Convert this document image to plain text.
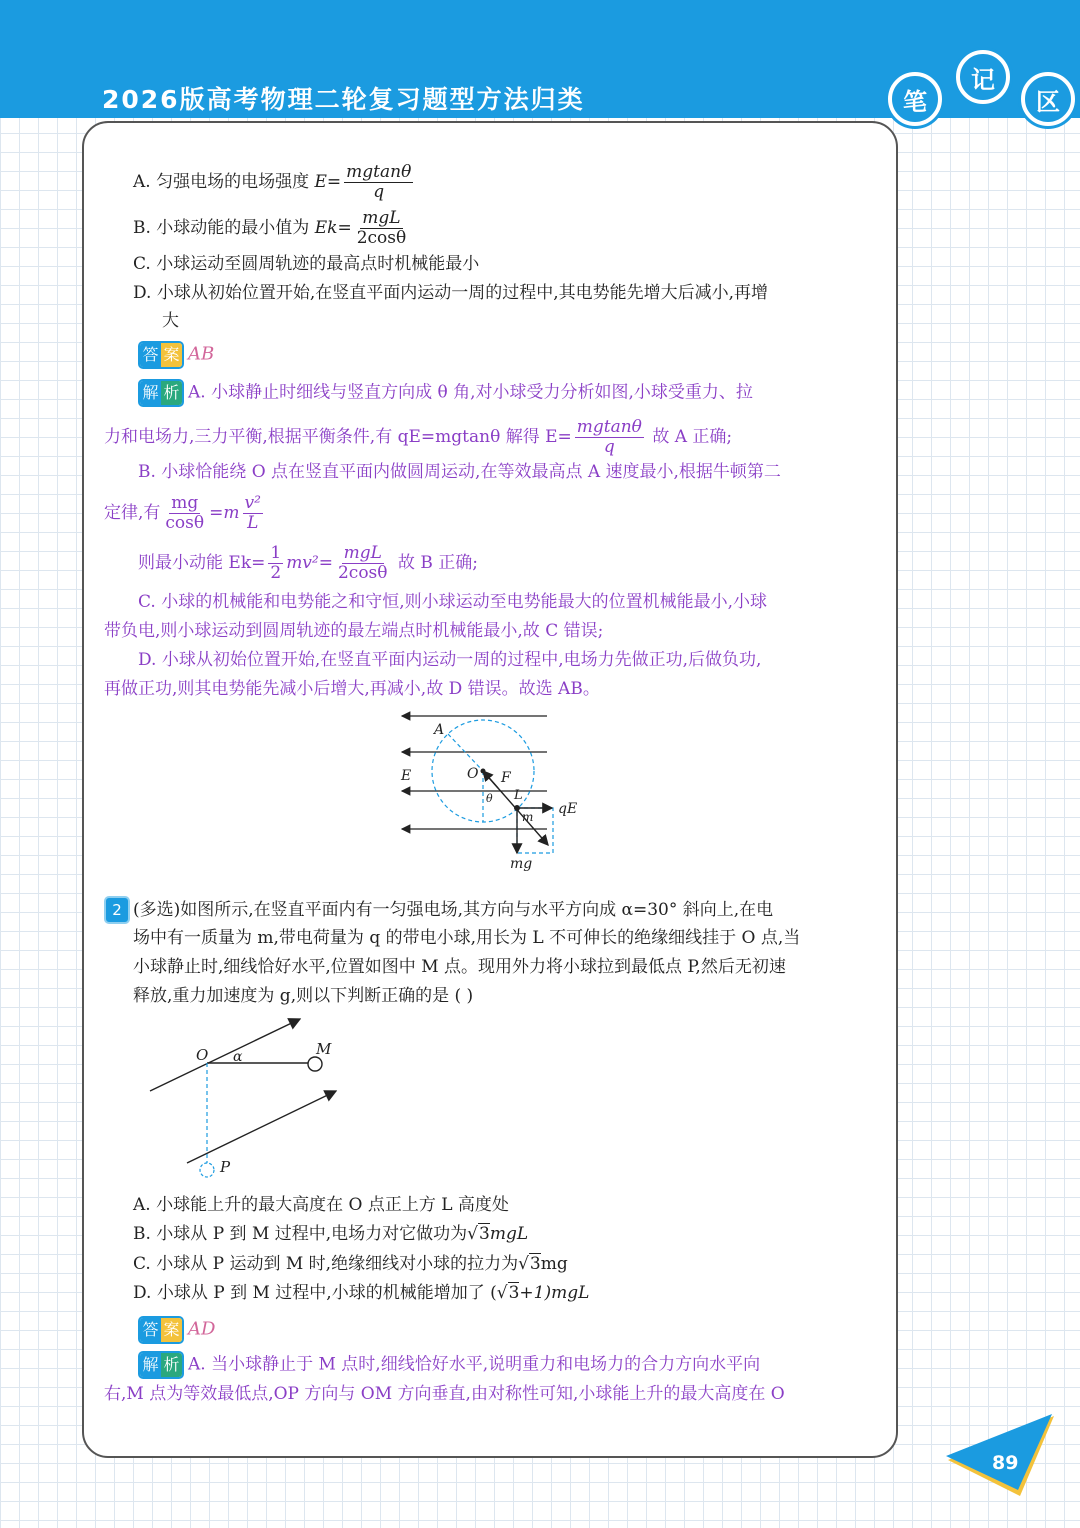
2026版高考物理二轮复习题型方法归类	笔
记
区
A. 匀强电场的电场强度 $E= \frac{mgtan\theta}{q}$
B. 小球动能的最小值为 $Ek= \frac{\text{mgL}}{2\cos\theta}$
C. 小球运动至圆周轨迹的最高点时机械能最小
D. 小球从初始位置开始,在竖直平面内运动一周的过程中,其电势能先增大后减小,再增
大
答 案 AB
解 析 A. 小球静止时细线与竖直方向成 θ 角,对小球受力分析如图,小球受重力、拉
力和电场力,三力平衡,根据平衡条件,有 qE=mgtanθ 解得 $E= \frac{mgtan\theta}{q}$ 故 A 正确;
B. 小球恰能绕 O 点在竖直平面内做圆周运动,在等效最高点 A 速度最小,根据牛顿第二
定律,有 $\frac{mg}{\cos\theta} =m \frac{\text{v²}}{L}$
则最小动能 $Ek= \frac{1}{2} mv^2= \frac{\text{mgL}}{2\cos\theta}$ 故 B 正确;
C. 小球的机械能和电势能之和守恒,则小球运动至电势能最大的位置机械能最小,小球
带负电,则小球运动到圆周轨迹的最左端点时机械能最小,故 C 错误;
D. 小球从初始位置开始,在竖直平面内运动一周的过程中,电场力先做正功,后做负功,
再做正功,则其电势能先减小后增大,再减小,故 D 错误。故选 AB。
A
E	O F
θ L
m qE
mg
2 (多选)如图所示,在竖直平面内有一匀强电场,其方向与水平方向成 α=30° 斜向上,在电
场中有一质量为 m,带电荷量为 q 的带电小球,用长为 L 不可伸长的绝缘细线挂于 O 点,当
小球静止时,细线恰好水平,位置如图中 M 点。现用外力将小球拉到最低点 P,然后无初速
释放,重力加速度为 g,则以下判断正确的是 ( )
O α	M
P
A. 小球能上升的最大高度在 O 点正上方 L 高度处
B. 小球从 P 到 M 过程中,电场力对它做功为√3mgL
C. 小球从 P 运动到 M 时,绝缘细线对小球的拉力为√3mg
D. 小球从 P 到 M 过程中,小球的机械能增加了 (√3+1)mgL
答 案 AD
解 析 A. 当小球静止于 M 点时,细线恰好水平,说明重力和电场力的合力方向水平向
右,M 点为等效最低点,OP 方向与 OM 方向垂直,由对称性可知,小球能上升的最大高度在 O
89
